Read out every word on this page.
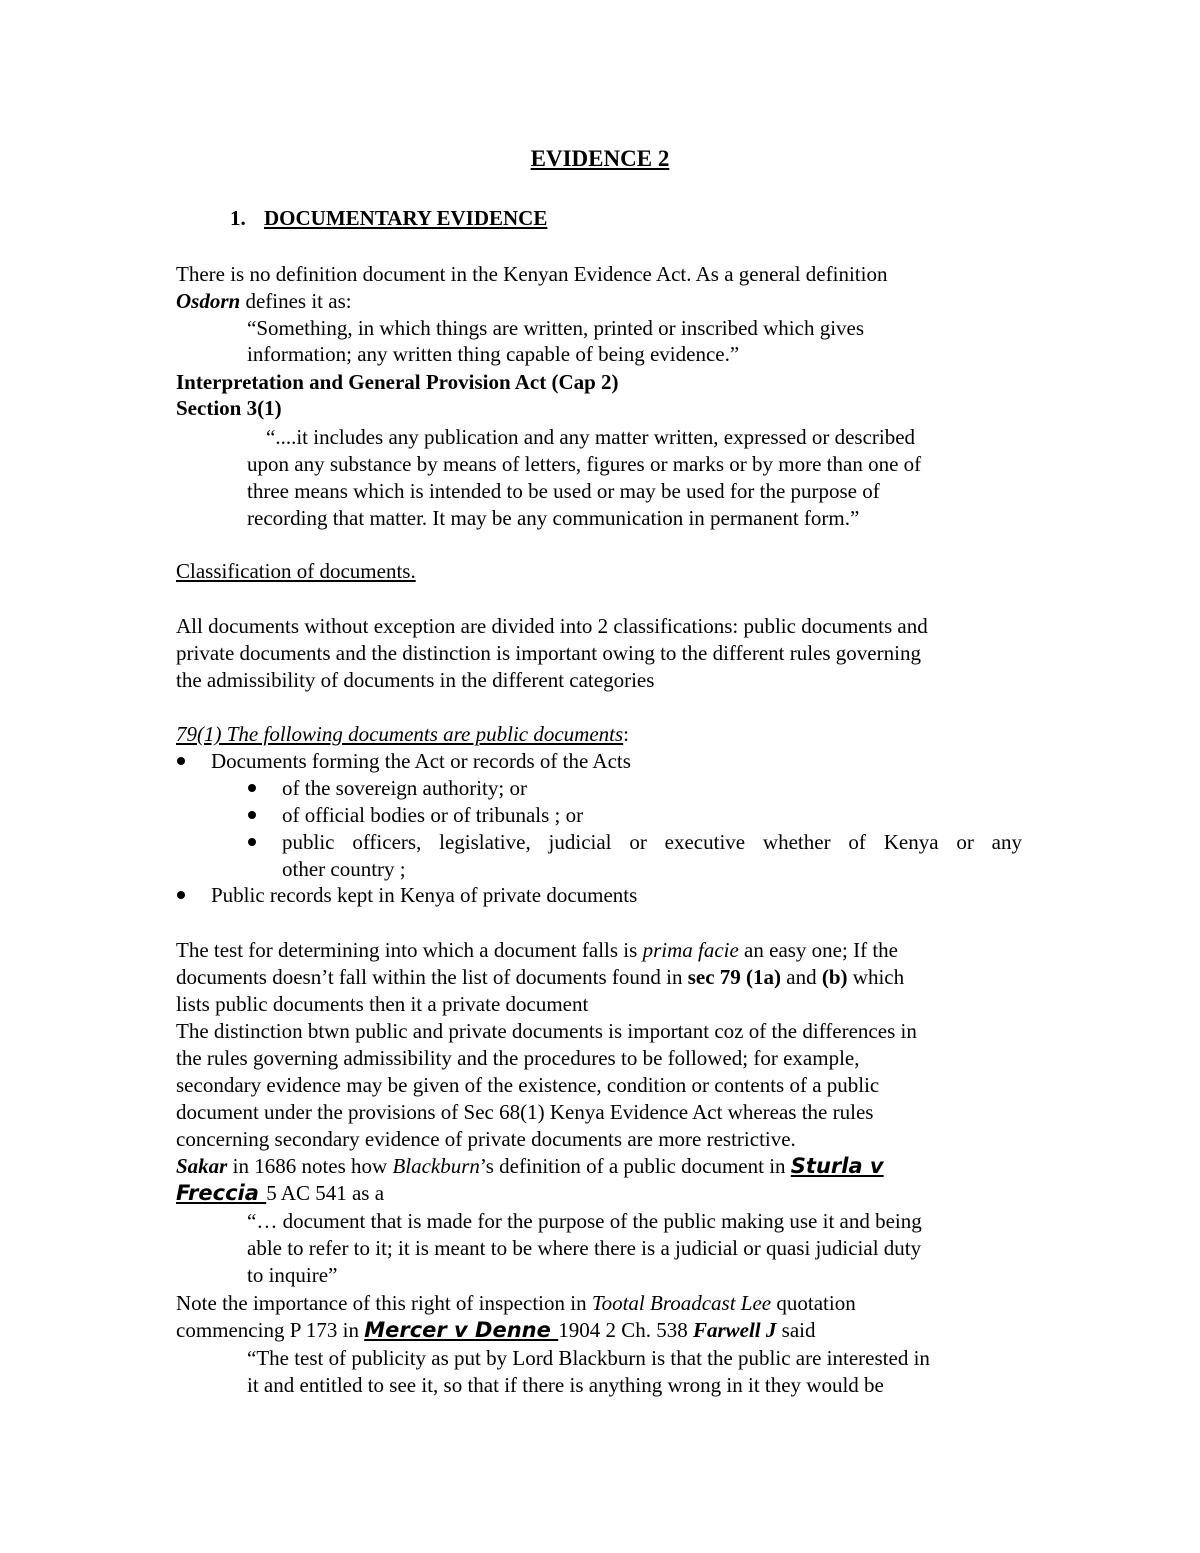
EVIDENCE 2
1. DOCUMENTARY EVIDENCE
There is no definition document in the Kenyan Evidence Act. As a general definition
Osdorn defines it as:
“Something, in which things are written, printed or inscribed which gives
information; any written thing capable of being evidence.”
Interpretation and General Provision Act (Cap 2)
Section 3(1)
“....it includes any publication and any matter written, expressed or described
upon any substance by means of letters, figures or marks or by more than one of
three means which is intended to be used or may be used for the purpose of
recording that matter. It may be any communication in permanent form.”
Classification of documents.
All documents without exception are divided into 2 classifications: public documents and
private documents and the distinction is important owing to the different rules governing
the admissibility of documents in the different categories
79(1) The following documents are public documents:
Documents forming the Act or records of the Acts
of the sovereign authority; or
of official bodies or of tribunals ; or
public officers, legislative, judicial or executive whether of Kenya or any
other country ;
Public records kept in Kenya of private documents
The test for determining into which a document falls is prima facie an easy one; If the
documents doesn’t fall within the list of documents found in sec 79 (1a) and (b) which
lists public documents then it a private document
The distinction btwn public and private documents is important coz of the differences in
the rules governing admissibility and the procedures to be followed; for example,
secondary evidence may be given of the existence, condition or contents of a public
document under the provisions of Sec 68(1) Kenya Evidence Act whereas the rules
concerning secondary evidence of private documents are more restrictive.
Sakar in 1686 notes how Blackburn’s definition of a public document in Sturla v
Freccia 5 AC 541 as a
“… document that is made for the purpose of the public making use it and being
able to refer to it; it is meant to be where there is a judicial or quasi judicial duty
to inquire”
Note the importance of this right of inspection in Tootal Broadcast Lee quotation
commencing P 173 in Mercer v Denne 1904 2 Ch. 538 Farwell J said
“The test of publicity as put by Lord Blackburn is that the public are interested in
it and entitled to see it, so that if there is anything wrong in it they would be
